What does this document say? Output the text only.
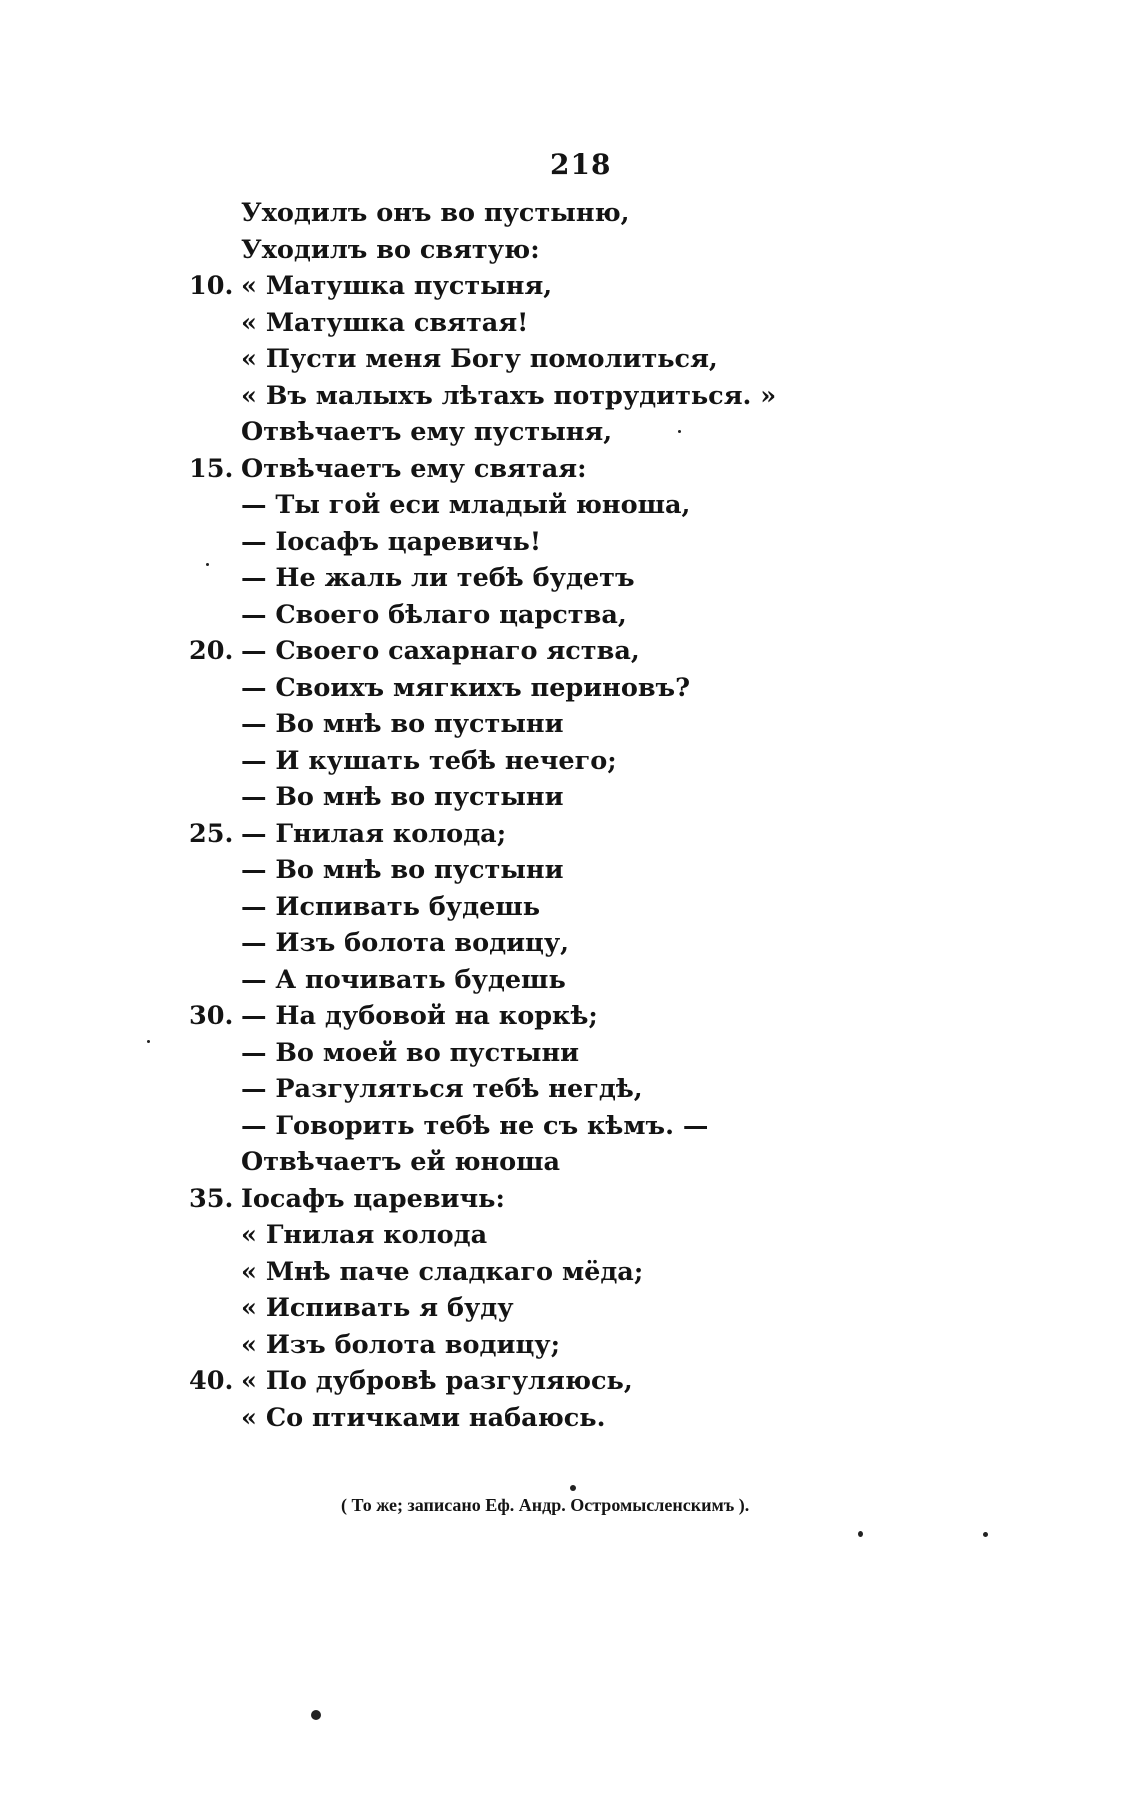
218
Уходилъ онъ во пустыню,
Уходилъ во святую:
10. « Матушка пустыня,
« Матушка святая!
« Пусти меня Богу помолиться,
« Въ малыхъ лѣтахъ потрудиться. »
Отвѣчаетъ ему пустыня,
15. Отвѣчаетъ ему святая:
— Ты гой еси младый юноша,
— Іосафъ царевичь!
— Не жаль ли тебѣ будетъ
— Своего бѣлаго царства,
20. — Своего сахарнаго яства,
— Своихъ мягкихъ периновъ?
— Во мнѣ во пустыни
— И кушать тебѣ нечего;
— Во мнѣ во пустыни
25. — Гнилая колода;
— Во мнѣ во пустыни
— Испивать будешь
— Изъ болота водицу,
— А почивать будешь
30. — На дубовой на коркѣ;
— Во моей во пустыни
— Разгуляться тебѣ негдѣ,
— Говорить тебѣ не съ кѣмъ. —
Отвѣчаетъ ей юноша
35. Іосафъ царевичь:
« Гнилая колода
« Мнѣ паче сладкаго мёда;
« Испивать я буду
« Изъ болота водицу;
40. « По дубровѣ разгуляюсь,
« Со птичками набаюсь.
( То же; записано Еф. Андр. Остромысленскимъ ).
